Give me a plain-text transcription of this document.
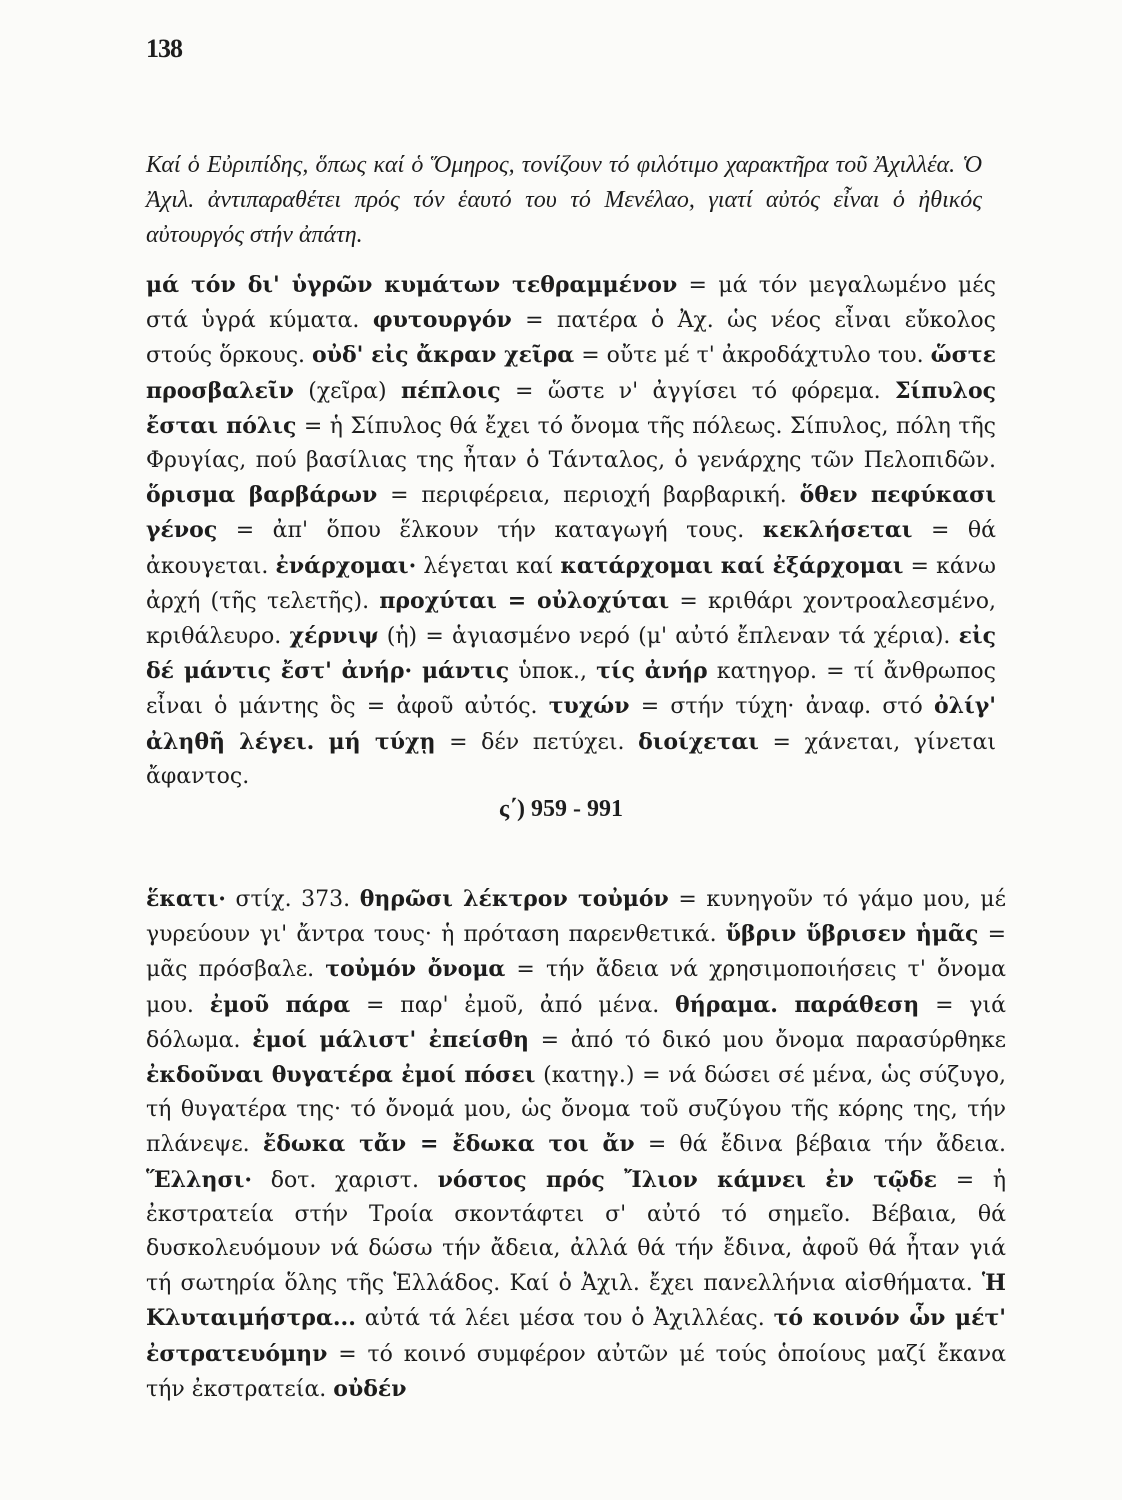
138

Καί ὁ Εὐριπίδης, ὅπως καί ὁ Ὅμηρος, τονίζουν τό φιλότιμο χαρακτῆρα τοῦ Ἀχιλλέα. Ὁ Ἀχιλ. ἀντιπαραθέτει πρός τόν ἑαυτό του τό Μενέλαο, γιατί αὐτός εἶναι ὁ ἠθικός αὐτουργός στήν ἀπάτη.

μά τόν δι' ὑγρῶν κυμάτων τεθραμμένον = μά τόν μεγαλωμένο μές στά ὑγρά κύματα. φυτουργόν = πατέρα ὁ Ἀχ. ὡς νέος εἶναι εὔκολος στούς ὅρκους. οὐδ' εἰς ἄκραν χεῖρα = οὔτε μέ τ' ἀκροδάχτυλο του. ὥστε προσβαλεῖν (χεῖρα) πέπλοις = ὥστε ν' ἀγγίσει τό φόρεμα. Σίπυλος ἔσται πόλις = ἡ Σίπυλος θά ἔχει τό ὄνομα τῆς πόλεως. Σίπυλος, πόλη τῆς Φρυγίας, πού βασίλιας της ἦταν ὁ Τάνταλος, ὁ γενάρχης τῶν Πελοπιδῶν. ὅρισμα βαρβάρων = περιφέρεια, περιοχή βαρβαρική. ὅθεν πεφύκασι γένος = ἀπ' ὅπου ἕλκουν τήν καταγωγή τους. κεκλήσεται = θά ἀκουγεται. ἐνάρχομαι· λέγεται καί κατάρχομαι καί ἐξάρχομαι = κάνω ἀρχή (τῆς τελετῆς). προχύται = οὐλοχύται = κριθάρι χοντροαλεσμένο, κριθάλευρο. χέρνιψ (ἡ) = ἁγιασμένο νερό (μ' αὐτό ἔπλεναν τά χέρια). εἰς δέ μάντις ἔστ' ἀνήρ· μάντις ὑποκ., τίς ἀνήρ κατηγορ. = τί ἄνθρωπος εἶναι ὁ μάντης ὃς = ἀφοῦ αὐτός. τυχών = στήν τύχη· ἀναφ. στό ὀλίγ' ἀληθῆ λέγει. μή τύχῃ = δέν πετύχει. διοίχεται = χάνεται, γίνεται ἄφαντος.
ς΄) 959 - 991
ἕκατι· στίχ. 373. θηρῶσι λέκτρον τοὐμόν = κυνηγοῦν τό γάμο μου, μέ γυρεύουν γι' ἄντρα τους· ἡ πρόταση παρενθετικά. ὕβριν ὕβρισεν ἡμᾶς = μᾶς πρόσβαλε. τοὐμόν ὄνομα = τήν ἄδεια νά χρησιμοποιήσεις τ' ὄνομα μου. ἐμοῦ πάρα = παρ' ἐμοῦ, ἀπό μένα. θήραμα. παράθεση = γιά δόλωμα. ἐμοί μάλιστ' ἐπείσθη = ἀπό τό δικό μου ὄνομα παρασύρθηκε ἐκδοῦναι θυγατέρα ἐμοί πόσει (κατηγ.) = νά δώσει σέ μένα, ὡς σύζυγο, τή θυγατέρα της· τό ὄνομά μου, ὡς ὄνομα τοῦ συζύγου τῆς κόρης της, τήν πλάνεψε. ἔδωκα τἄν = ἔδωκα τοι ἄν = θά ἔδινα βέβαια τήν ἄδεια. Ἕλλησι· δοτ. χαριστ. νόστος πρός Ἴλιον κάμνει ἐν τῷδε = ἡ ἐκστρατεία στήν Τροία σκοντάφτει σ' αὐτό τό σημεῖο. Βέβαια, θά δυσκολευόμουν νά δώσω τήν ἄδεια, ἀλλά θά τήν ἔδινα, ἀφοῦ θά ἦταν γιά τή σωτηρία ὅλης τῆς Ἑλλάδος. Καί ὁ Ἀχιλ. ἔχει πανελλήνια αἰσθήματα. Ἡ Κλυταιμήστρα... αὐτά τά λέει μέσα του ὁ Ἀχιλλέας. τό κοινόν ὧν μέτ' ἐστρατευόμην = τό κοινό συμφέρον αὐτῶν μέ τούς ὁποίους μαζί ἔκανα τήν ἐκστρατεία. οὐδέν
